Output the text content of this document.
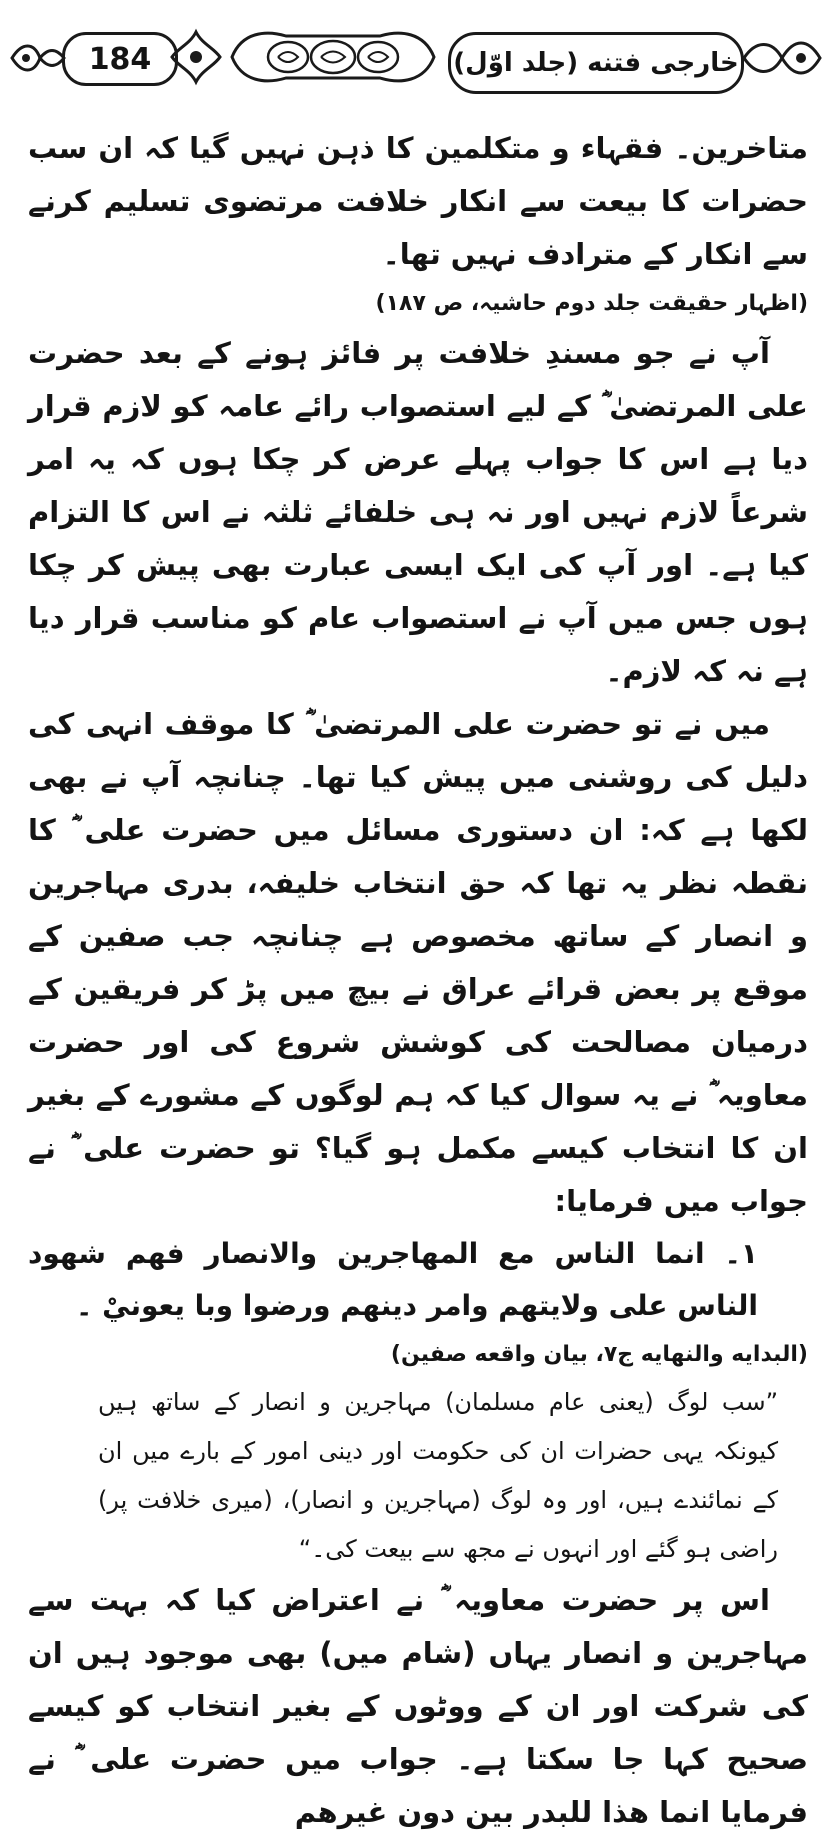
184	خارجی فتنه (جلد اوّل)

متاخرین۔ فقہاء و متکلمین کا ذہن نہیں گیا کہ ان سب حضرات کا بیعت سے انکار خلافت مرتضوی تسلیم کرنے سے انکار کے مترادف نہیں تھا۔

(اظہار حقیقت جلد دوم حاشیہ، ص ۱۸۷)

آپ نے جو مسندِ خلافت پر فائز ہونے کے بعد حضرت علی المرتضیٰ ؓ کے لیے استصواب رائے عامہ کو لازم قرار دیا ہے اس کا جواب پہلے عرض کر چکا ہوں کہ یہ امر شرعاً لازم نہیں اور نہ ہی خلفائے ثلثہ نے اس کا التزام کیا ہے۔ اور آپ کی ایک ایسی عبارت بھی پیش کر چکا ہوں جس میں آپ نے استصواب عام کو مناسب قرار دیا ہے نہ کہ لازم۔

میں نے تو حضرت علی المرتضیٰ ؓ کا موقف انہی کی دلیل کی روشنی میں پیش کیا تھا۔ چنانچہ آپ نے بھی لکھا ہے کہ: ان دستوری مسائل میں حضرت علی ؓ کا نقطہ نظر یہ تھا کہ حق انتخاب خلیفہ، بدری مہاجرین و انصار کے ساتھ مخصوص ہے چنانچہ جب صفین کے موقع پر بعض قرائے عراق نے بیچ میں پڑ کر فریقین کے درمیان مصالحت کی کوشش شروع کی اور حضرت معاویہ ؓ نے یہ سوال کیا کہ ہم لوگوں کے مشورے کے بغیر ان کا انتخاب کیسے مکمل ہو گیا؟ تو حضرت علی ؓ نے جواب میں فرمایا:

۱۔ انما الناس مع المهاجرين والانصار فهم شهود الناس على ولايتهم وامر دينهم ورضوا وبا يعونيْ ۔

(البدایه والنهایه ج۷، بیان واقعه صفین)

”سب لوگ (یعنی عام مسلمان) مہاجرین و انصار کے ساتھ ہیں کیونکہ یہی حضرات ان کی حکومت اور دینی امور کے بارے میں ان کے نمائندے ہیں، اور وہ لوگ (مہاجرین و انصار)، (میری خلافت پر) راضی ہو گئے اور انہوں نے مجھ سے بیعت کی۔“

اس پر حضرت معاویہ ؓ نے اعتراض کیا کہ بہت سے مہاجرین و انصار یہاں (شام میں) بھی موجود ہیں ان کی شرکت اور ان کے ووٹوں کے بغیر انتخاب کو کیسے صحیح کہا جا سکتا ہے۔ جواب میں حضرت علی ؓ نے فرمایا انما هذا للبدر بين دون غيرهم
